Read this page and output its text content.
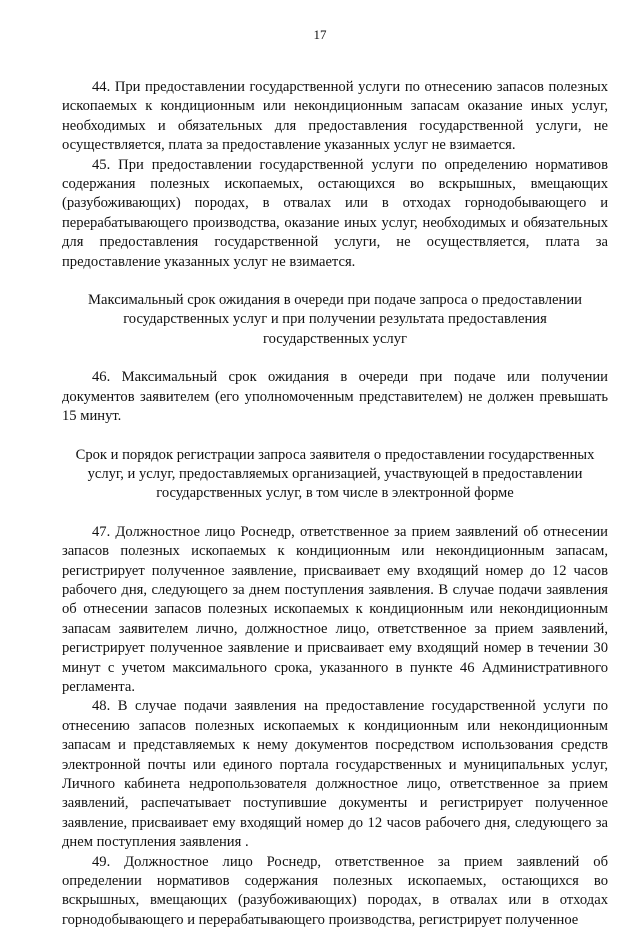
17

44. При предоставлении государственной услуги по отнесению запасов полезных ископаемых к кондиционным или некондиционным запасам оказание иных услуг, необходимых и обязательных для предоставления государственной услуги, не осуществляется, плата за предоставление указанных услуг не взимается.

45. При предоставлении государственной услуги по определению нормативов содержания полезных ископаемых, остающихся во вскрышных, вмещающих (разубоживающих) породах, в отвалах или в отходах горнодобывающего и перерабатывающего производства, оказание иных услуг, необходимых и обязательных для предоставления государственной услуги, не осуществляется, плата за предоставление указанных услуг не взимается.

Максимальный срок ожидания в очереди при подаче запроса о предоставлении государственных услуг и при получении результата предоставления государственных услуг

46. Максимальный срок ожидания в очереди при подаче или получении документов заявителем (его уполномоченным представителем) не должен превышать 15 минут.

Срок и порядок регистрации запроса заявителя о предоставлении государственных услуг, и услуг, предоставляемых организацией, участвующей в предоставлении государственных услуг, в том числе в электронной форме

47. Должностное лицо Роснедр, ответственное за прием заявлений об отнесении запасов полезных ископаемых к кондиционным или некондиционным запасам, регистрирует полученное заявление, присваивает ему входящий номер до 12 часов рабочего дня, следующего за днем поступления заявления. В случае подачи заявления об отнесении запасов полезных ископаемых к кондиционным или некондиционным запасам заявителем лично, должностное лицо, ответственное за прием заявлений, регистрирует полученное заявление и присваивает ему входящий номер в течении 30 минут с учетом максимального срока, указанного в пункте 46 Административного регламента.

48. В случае подачи заявления на предоставление государственной услуги по отнесению запасов полезных ископаемых к кондиционным или некондиционным запасам и представляемых к нему документов посредством использования средств электронной почты или единого портала государственных и муниципальных услуг, Личного кабинета недропользователя должностное лицо, ответственное за прием заявлений, распечатывает поступившие документы и регистрирует полученное заявление, присваивает ему входящий номер до 12 часов рабочего дня, следующего за днем поступления заявления .

49. Должностное лицо Роснедр, ответственное за прием заявлений об определении нормативов содержания полезных ископаемых, остающихся во вскрышных, вмещающих (разубоживающих) породах, в отвалах или в отходах горнодобывающего и перерабатывающего производства, регистрирует полученное
